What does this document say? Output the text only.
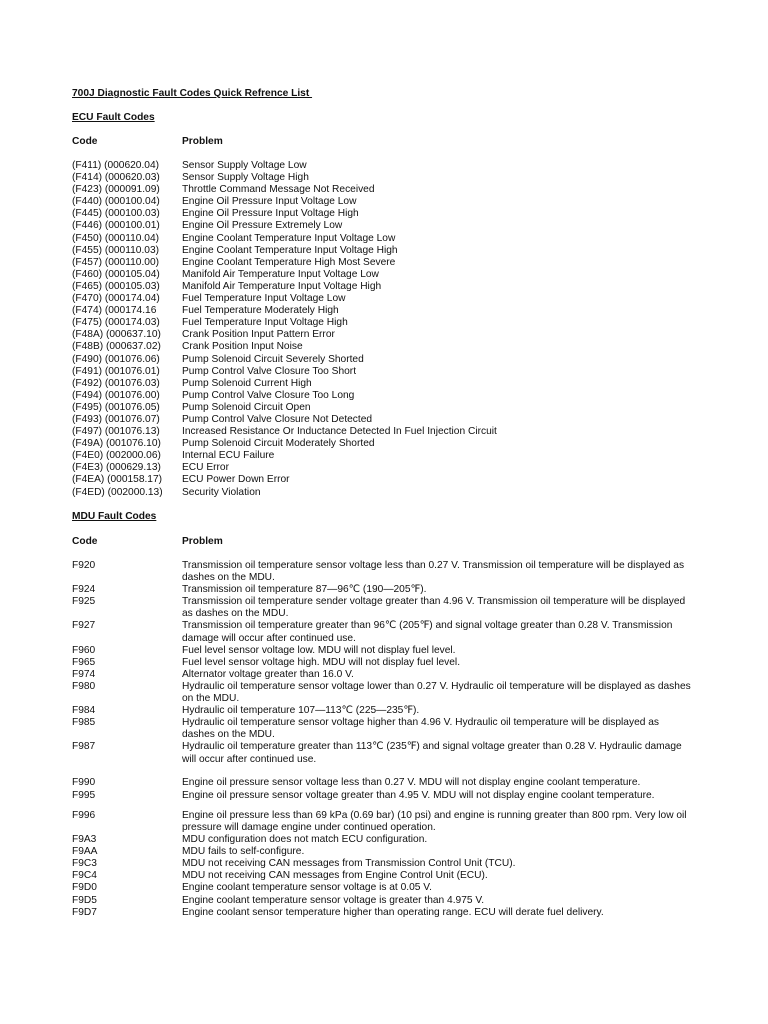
700J Diagnostic Fault Codes Quick Refrence List
ECU Fault Codes
Code	Problem
(F411) (000620.04)	Sensor Supply Voltage Low
(F414) (000620.03)	Sensor Supply Voltage High
(F423) (000091.09)	Throttle Command Message Not Received
(F440) (000100.04)	Engine Oil Pressure Input Voltage Low
(F445) (000100.03)	Engine Oil Pressure Input Voltage High
(F446) (000100.01)	Engine Oil Pressure Extremely Low
(F450) (000110.04)	Engine Coolant Temperature Input Voltage Low
(F455) (000110.03)	Engine Coolant Temperature Input Voltage High
(F457) (000110.00)	Engine Coolant Temperature High Most Severe
(F460) (000105.04)	Manifold Air Temperature Input Voltage Low
(F465) (000105.03)	Manifold Air Temperature Input Voltage High
(F470) (000174.04)	Fuel Temperature Input Voltage Low
(F474) (000174.16	Fuel Temperature Moderately High
(F475) (000174.03)	Fuel Temperature Input Voltage High
(F48A) (000637.10)	Crank Position Input Pattern Error
(F48B) (000637.02)	Crank Position Input Noise
(F490) (001076.06)	Pump Solenoid Circuit Severely Shorted
(F491) (001076.01)	Pump Control Valve Closure Too Short
(F492) (001076.03)	Pump Solenoid Current High
(F494) (001076.00)	Pump Control Valve Closure Too Long
(F495) (001076.05)	Pump Solenoid Circuit Open
(F493) (001076.07)	Pump Control Valve Closure Not Detected
(F497) (001076.13)	Increased Resistance Or Inductance Detected In Fuel Injection Circuit
(F49A) (001076.10)	Pump Solenoid Circuit Moderately Shorted
(F4E0) (002000.06)	Internal ECU Failure
(F4E3) (000629.13)	ECU Error
(F4EA) (000158.17)	ECU Power Down Error
(F4ED) (002000.13)	Security Violation
MDU Fault Codes
Code	Problem
F920	Transmission oil temperature sensor voltage less than 0.27 V. Transmission oil temperature will be displayed as dashes on the MDU.
F924	Transmission oil temperature 87—96℃ (190—205℉).
F925	Transmission oil temperature sender voltage greater than 4.96 V. Transmission oil temperature will be displayed as dashes on the MDU.
F927	Transmission oil temperature greater than 96℃ (205℉) and signal voltage greater than 0.28 V. Transmission damage will occur after continued use.
F960	Fuel level sensor voltage low. MDU will not display fuel level.
F965	Fuel level sensor voltage high. MDU will not display fuel level.
F974	Alternator voltage greater than 16.0 V.
F980	Hydraulic oil temperature sensor voltage lower than 0.27 V. Hydraulic oil temperature will be displayed as dashes on the MDU.
F984	Hydraulic oil temperature 107—113℃ (225—235℉).
F985	Hydraulic oil temperature sensor voltage higher than 4.96 V. Hydraulic oil temperature will be displayed as dashes on the MDU.
F987	Hydraulic oil temperature greater than 113℃ (235℉) and signal voltage greater than 0.28 V. Hydraulic damage will occur after continued use.
F990	Engine oil pressure sensor voltage less than 0.27 V. MDU will not display engine coolant temperature.
F995	Engine oil pressure sensor voltage greater than 4.95 V. MDU will not display engine coolant temperature.
F996	Engine oil pressure less than 69 kPa (0.69 bar) (10 psi) and engine is running greater than 800 rpm. Very low oil pressure will damage engine under continued operation.
F9A3	MDU configuration does not match ECU configuration.
F9AA	MDU fails to self-configure.
F9C3	MDU not receiving CAN messages from Transmission Control Unit (TCU).
F9C4	MDU not receiving CAN messages from Engine Control Unit (ECU).
F9D0	Engine coolant temperature sensor voltage is at 0.05 V.
F9D5	Engine coolant temperature sensor voltage is greater than 4.975 V.
F9D7	Engine coolant sensor temperature higher than operating range. ECU will derate fuel delivery.
